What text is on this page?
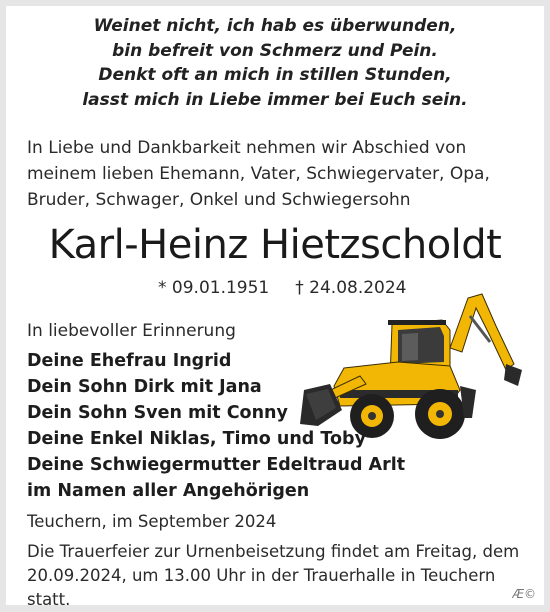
Weinet nicht, ich hab es überwunden,
bin befreit von Schmerz und Pein.
Denkt oft an mich in stillen Stunden,
lasst mich in Liebe immer bei Euch sein.
In Liebe und Dankbarkeit nehmen wir Abschied von
meinem lieben Ehemann, Vater, Schwiegervater, Opa,
Bruder, Schwager, Onkel und Schwiegersohn
Karl-Heinz Hietzscholdt
* 09.01.1951 † 24.08.2024
In liebevoller Erinnerung
Deine Ehefrau Ingrid
Dein Sohn Dirk mit Jana
Dein Sohn Sven mit Conny
Deine Enkel Niklas, Timo und Toby
Deine Schwiegermutter Edeltraud Arlt
im Namen aller Angehörigen
Teuchern, im September 2024
Die Trauerfeier zur Urnenbeisetzung findet am Freitag, dem
20.09.2024, um 13.00 Uhr in der Trauerhalle in Teuchern statt.	Æ©
